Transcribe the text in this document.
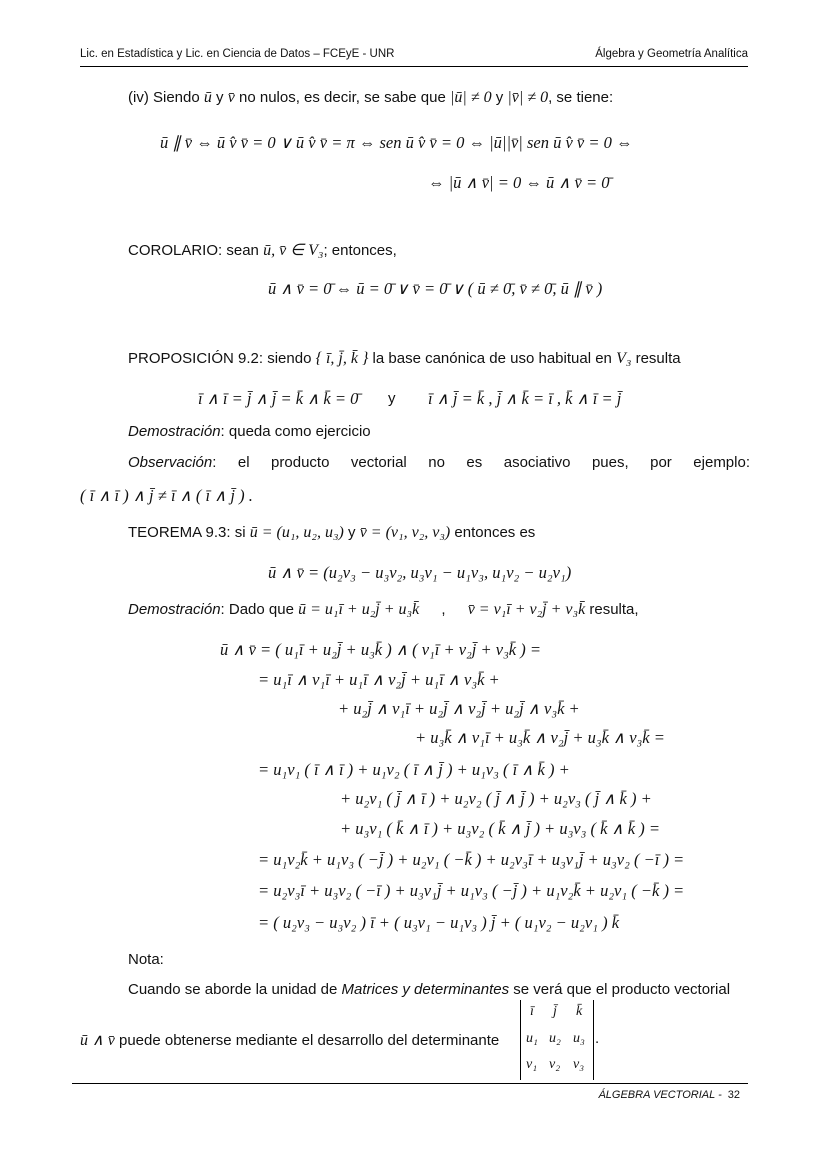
Lic. en Estadística y Lic. en Ciencia de Datos – FCEyE - UNR	Álgebra y Geometría Analítica
(iv) Siendo ū y v̄ no nulos, es decir, se sabe que |ū| ≠ 0 y |v̄| ≠ 0, se tiene:
ū ∥ v̄ ⇔ ū v̂ v̄ = 0 ∨ ū v̂ v̄ = π ⇔ sen ū v̂ v̄ = 0 ⇔ |ū||v̄| sen ū v̂ v̄ = 0 ⇔
⇔ |ū ∧ v̄| = 0 ⇔ ū ∧ v̄ = 0̄
COROLARIO: sean ū, v̄ ∈ V₃; entonces,
ū ∧ v̄ = 0̄ ⇔ ū = 0̄ ∨ v̄ = 0̄ ∨ ( ū ≠ 0̄, v̄ ≠ 0̄, ū ∥ v̄ )
PROPOSICIÓN 9.2: siendo { ī, j̄, k̄ } la base canónica de uso habitual en V₃ resulta
ī ∧ ī = j̄ ∧ j̄ = k̄ ∧ k̄ = 0̄ y ī ∧ j̄ = k̄ , j̄ ∧ k̄ = ī , k̄ ∧ ī = j̄
Demostración: queda como ejercicio
Observación: el producto vectorial no es asociativo pues, por ejemplo:
( ī ∧ ī ) ∧ j̄ ≠ ī ∧ ( ī ∧ j̄ ) .
TEOREMA 9.3: si ū = (u₁, u₂, u₃) y v̄ = (v₁, v₂, v₃) entonces es
ū ∧ v̄ = (u₂v₃ − u₃v₂, u₃v₁ − u₁v₃, u₁v₂ − u₂v₁)
Demostración: Dado que ū = u₁ī + u₂j̄ + u₃k̄ , v̄ = v₁ī + v₂j̄ + v₃k̄ resulta,
ū ∧ v̄ = ( u₁ī + u₂j̄ + u₃k̄ ) ∧ ( v₁ī + v₂j̄ + v₃k̄ ) =
= u₁ī ∧ v₁ī + u₁ī ∧ v₂j̄ + u₁ī ∧ v₃k̄ +
+ u₂j̄ ∧ v₁ī + u₂j̄ ∧ v₂j̄ + u₂j̄ ∧ v₃k̄ +
+ u₃k̄ ∧ v₁ī + u₃k̄ ∧ v₂j̄ + u₃k̄ ∧ v₃k̄ =
= u₁v₁ ( ī ∧ ī ) + u₁v₂ ( ī ∧ j̄ ) + u₁v₃ ( ī ∧ k̄ ) +
+ u₂v₁ ( j̄ ∧ ī ) + u₂v₂ ( j̄ ∧ j̄ ) + u₂v₃ ( j̄ ∧ k̄ ) +
+ u₃v₁ ( k̄ ∧ ī ) + u₃v₂ ( k̄ ∧ j̄ ) + u₃v₃ ( k̄ ∧ k̄ ) =
= u₁v₂k̄ + u₁v₃ ( −j̄ ) + u₂v₁ ( −k̄ ) + u₂v₃ī + u₃v₁j̄ + u₃v₂ ( −ī ) =
= u₂v₃ī + u₃v₂ ( −ī ) + u₃v₁j̄ + u₁v₃ ( −j̄ ) + u₁v₂k̄ + u₂v₁ ( −k̄ ) =
= ( u₂v₃ − u₃v₂ ) ī + ( u₃v₁ − u₁v₃ ) j̄ + ( u₁v₂ − u₂v₁ ) k̄
Nota:
Cuando se aborde la unidad de Matrices y determinantes se verá que el producto vectorial
ū ∧ v̄ puede obtenerse mediante el desarrollo del determinante
ī j̄ k̄
u₁ u₂ u₃
v₁ v₂ v₃
.
ÁLGEBRA VECTORIAL - 32
